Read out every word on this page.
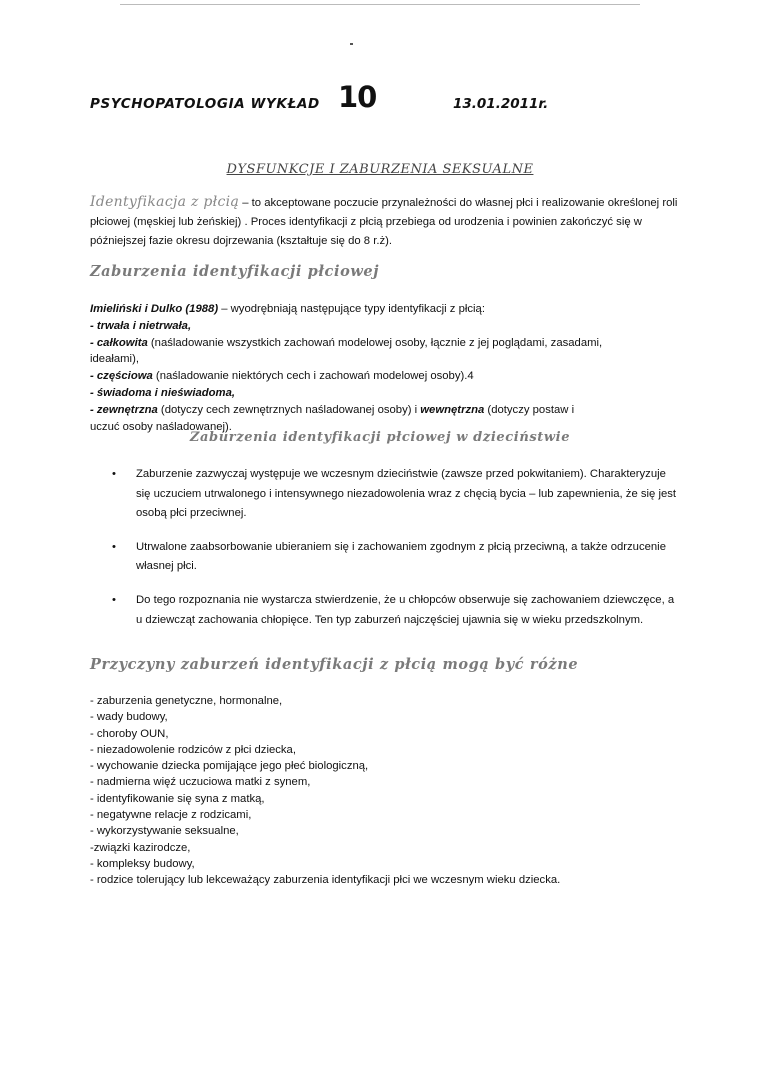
PSYCHOPATOLOGIA WYKŁAD 10	13.01.2011r.
DYSFUNKCJE I ZABURZENIA SEKSUALNE
Identyfikacja z płcią – to akceptowane poczucie przynależności do własnej płci i realizowanie określonej roli płciowej (męskiej lub żeńskiej) . Proces identyfikacji z płcią przebiega od urodzenia i powinien zakończyć się w późniejszej fazie okresu dojrzewania (kształtuje się do 8 r.ż).
Zaburzenia identyfikacji płciowej
Imieliński i Dulko (1988) – wyodrębniają następujące typy identyfikacji z płcią:
- trwała i nietrwała,
- całkowita (naśladowanie wszystkich zachowań modelowej osoby, łącznie z jej poglądami, zasadami,
ideałami),
- częściowa (naśladowanie niektórych cech i zachowań modelowej osoby).4
- świadoma i nieświadoma,
- zewnętrzna (dotyczy cech zewnętrznych naśladowanej osoby) i wewnętrzna (dotyczy postaw i
uczuć osoby naśladowanej).
Zaburzenia identyfikacji płciowej w dzieciństwie
• Zaburzenie zazwyczaj występuje we wczesnym dzieciństwie (zawsze przed pokwitaniem). Charakteryzuje się uczuciem utrwalonego i intensywnego niezadowolenia wraz z chęcią bycia – lub zapewnienia, że się jest osobą płci przeciwnej.
• Utrwalone zaabsorbowanie ubieraniem się i zachowaniem zgodnym z płcią przeciwną, a także odrzucenie własnej płci.
• Do tego rozpoznania nie wystarcza stwierdzenie, że u chłopców obserwuje się zachowaniem dziewczęce, a u dziewcząt zachowania chłopięce. Ten typ zaburzeń najczęściej ujawnia się w wieku przedszkolnym.
Przyczyny zaburzeń identyfikacji z płcią mogą być różne
- zaburzenia genetyczne, hormonalne,
- wady budowy,
- choroby OUN,
- niezadowolenie rodziców z płci dziecka,
- wychowanie dziecka pomijające jego płeć biologiczną,
- nadmierna więź uczuciowa matki z synem,
- identyfikowanie się syna z matką,
- negatywne relacje z rodzicami,
- wykorzystywanie seksualne,
-związki kazirodcze,
- kompleksy budowy,
- rodzice tolerujący lub lekceważący zaburzenia identyfikacji płci we wczesnym wieku dziecka.
